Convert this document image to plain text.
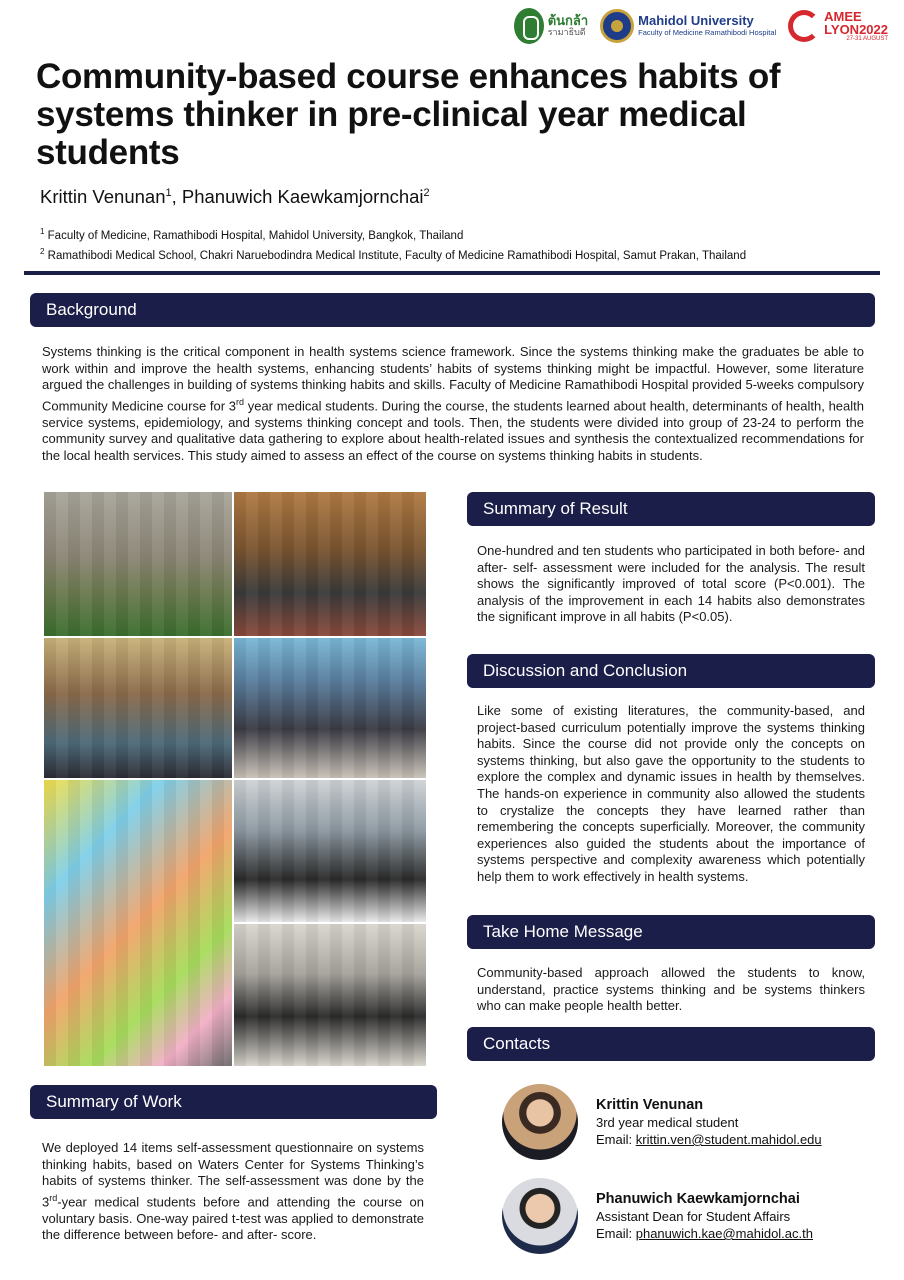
ต้นกล้า
รามาธิบดี
Mahidol University
Faculty of Medicine Ramathibodi Hospital
AMEE
LYON2022
27-31 AUGUST
Community-based course enhances habits of systems thinker in pre-clinical year medical students
Krittin Venunan$^1$, Phanuwich Kaewkamjornchai$^2$
$^1$ Faculty of Medicine, Ramathibodi Hospital, Mahidol University, Bangkok, Thailand
$^2$ Ramathibodi Medical School, Chakri Naruebodindra Medical Institute, Faculty of Medicine Ramathibodi Hospital, Samut Prakan, Thailand
Background

Systems thinking is the critical component in health systems science framework. Since the systems thinking make the graduates be able to work within and improve the health systems, enhancing students’ habits of systems thinking might be impactful. However, some literature argued the challenges in building of systems thinking habits and skills. Faculty of Medicine Ramathibodi Hospital provided 5-weeks compulsory Community Medicine course for 3rd year medical students. During the course, the students learned about health, determinants of health, health service systems, epidemiology, and systems thinking concept and tools. Then, the students were divided into group of 23-24 to perform the community survey and qualitative data gathering to explore about health-related issues and synthesis the contextualized recommendations for the local health services. This study aimed to assess an effect of the course on systems thinking habits in students.

Summary of Result

One-hundred and ten students who participated in both before- and after- self- assessment were included for the analysis. The result shows the significantly improved of total score (P<0.001). The analysis of the improvement in each 14 habits also demonstrates the significant improve in all habits (P<0.05).

Discussion and Conclusion

Like some of existing literatures, the community-based, and project-based curriculum potentially improve the systems thinking habits. Since the course did not provide only the concepts on systems thinking, but also gave the opportunity to the students to explore the complex and dynamic issues in health by themselves. The hands-on experience in community also allowed the students to crystalize the concepts they have learned rather than remembering the concepts superficially. Moreover, the community experiences also guided the students about the importance of systems perspective and complexity awareness which potentially help them to work effectively in health systems.

Take Home Message

Community-based approach allowed the students to know, understand, practice systems thinking and be systems thinkers who can make people health better.

Contacts
Krittin Venunan
3rd year medical student
Email: krittin.ven@student.mahidol.edu
Phanuwich Kaewkamjornchai
Assistant Dean for Student Affairs
Email: phanuwich.kae@mahidol.ac.th
Summary of Work

We deployed 14 items self-assessment questionnaire on systems thinking habits, based on Waters Center for Systems Thinking’s habits of systems thinker. The self-assessment was done by the 3rd-year medical students before and attending the course on voluntary basis. One-way paired t-test was applied to demonstrate the difference between before- and after- score.
